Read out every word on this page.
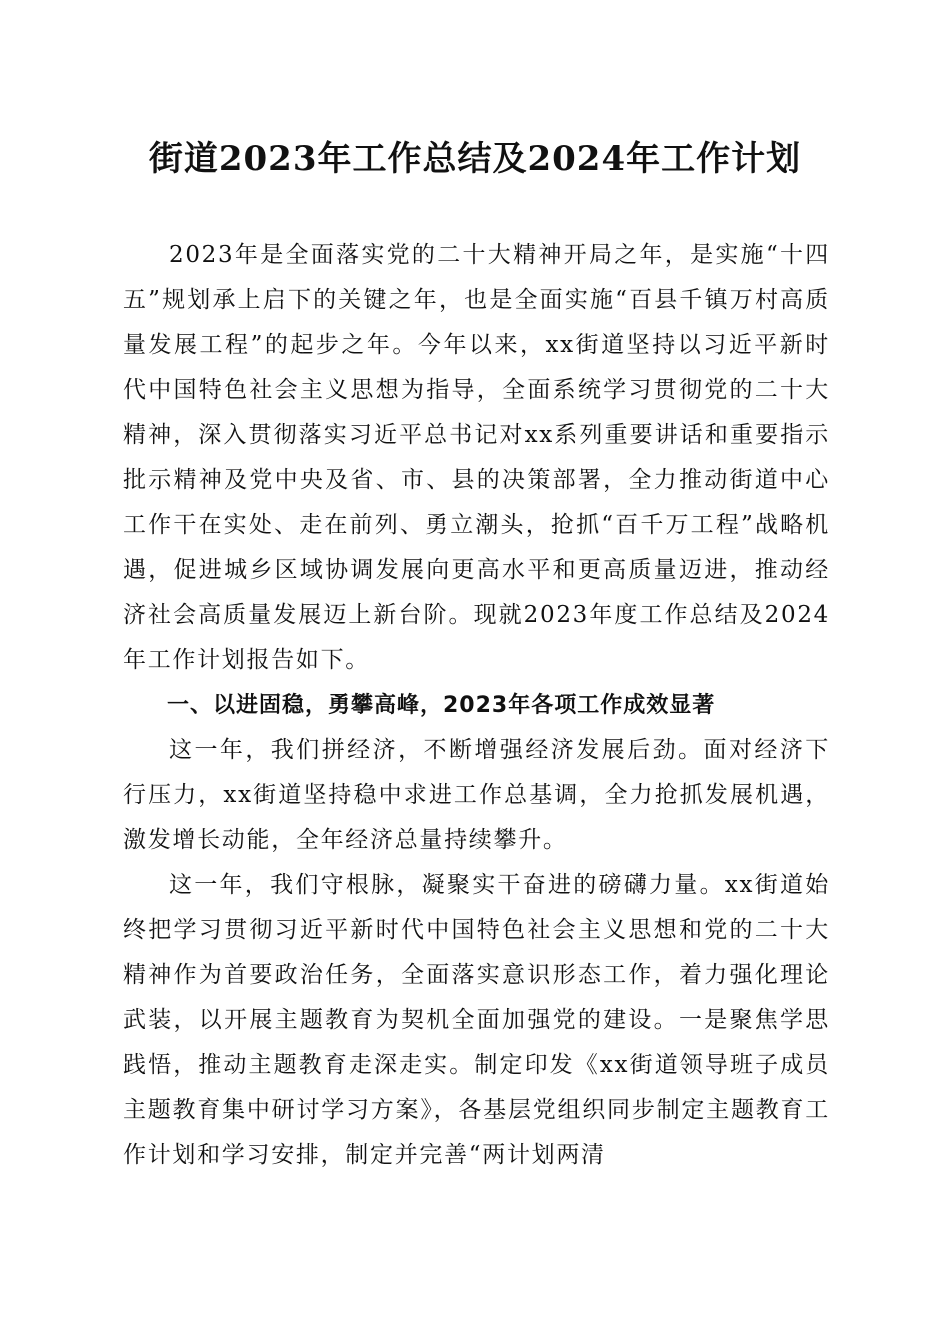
街道2023年工作总结及2024年工作计划

2023年是全面落实党的二十大精神开局之年，是实施“十四五”规划承上启下的关键之年，也是全面实施“百县千镇万村高质量发展工程”的起步之年。今年以来，xx街道坚持以习近平新时代中国特色社会主义思想为指导，全面系统学习贯彻党的二十大精神，深入贯彻落实习近平总书记对xx系列重要讲话和重要指示批示精神及党中央及省、市、县的决策部署，全力推动街道中心工作干在实处、走在前列、勇立潮头，抢抓“百千万工程”战略机遇，促进城乡区域协调发展向更高水平和更高质量迈进，推动经济社会高质量发展迈上新台阶。现就2023年度工作总结及2024年工作计划报告如下。

一、以进固稳，勇攀高峰，2023年各项工作成效显著

这一年，我们拼经济，不断增强经济发展后劲。面对经济下行压力，xx街道坚持稳中求进工作总基调，全力抢抓发展机遇，激发增长动能，全年经济总量持续攀升。

这一年，我们守根脉，凝聚实干奋进的磅礴力量。xx街道始终把学习贯彻习近平新时代中国特色社会主义思想和党的二十大精神作为首要政治任务，全面落实意识形态工作，着力强化理论武装，以开展主题教育为契机全面加强党的建设。一是聚焦学思践悟，推动主题教育走深走实。制定印发《xx街道领导班子成员主题教育集中研讨学习方案》，各基层党组织同步制定主题教育工作计划和学习安排，制定并完善“两计划两清
